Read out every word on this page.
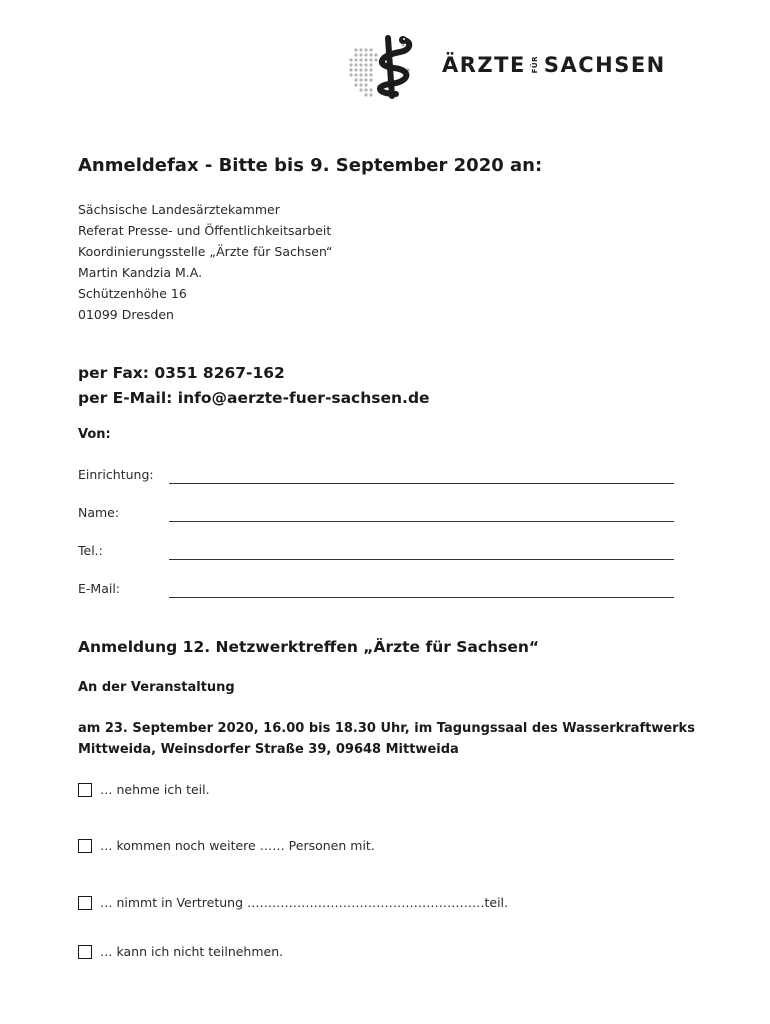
ÄRZTE FÜR SACHSEN
Anmeldefax - Bitte bis 9. September 2020 an:
Sächsische Landesärztekammer
Referat Presse- und Öffentlichkeitsarbeit
Koordinierungsstelle „Ärzte für Sachsen“
Martin Kandzia M.A.
Schützenhöhe 16
01099 Dresden
per Fax: 0351 8267-162
per E-Mail: info@aerzte-fuer-sachsen.de
Von:
Einrichtung:
Name:
Tel.:
E-Mail:
Anmeldung 12. Netzwerktreffen „Ärzte für Sachsen“
An der Veranstaltung
am 23. September 2020, 16.00 bis 18.30 Uhr, im Tagungssaal des Wasserkraftwerks
Mittweida, Weinsdorfer Straße 39, 09648 Mittweida
… nehme ich teil.
… kommen noch weitere …… Personen mit.
… nimmt in Vertretung …………………………………………………teil.
… kann ich nicht teilnehmen.
